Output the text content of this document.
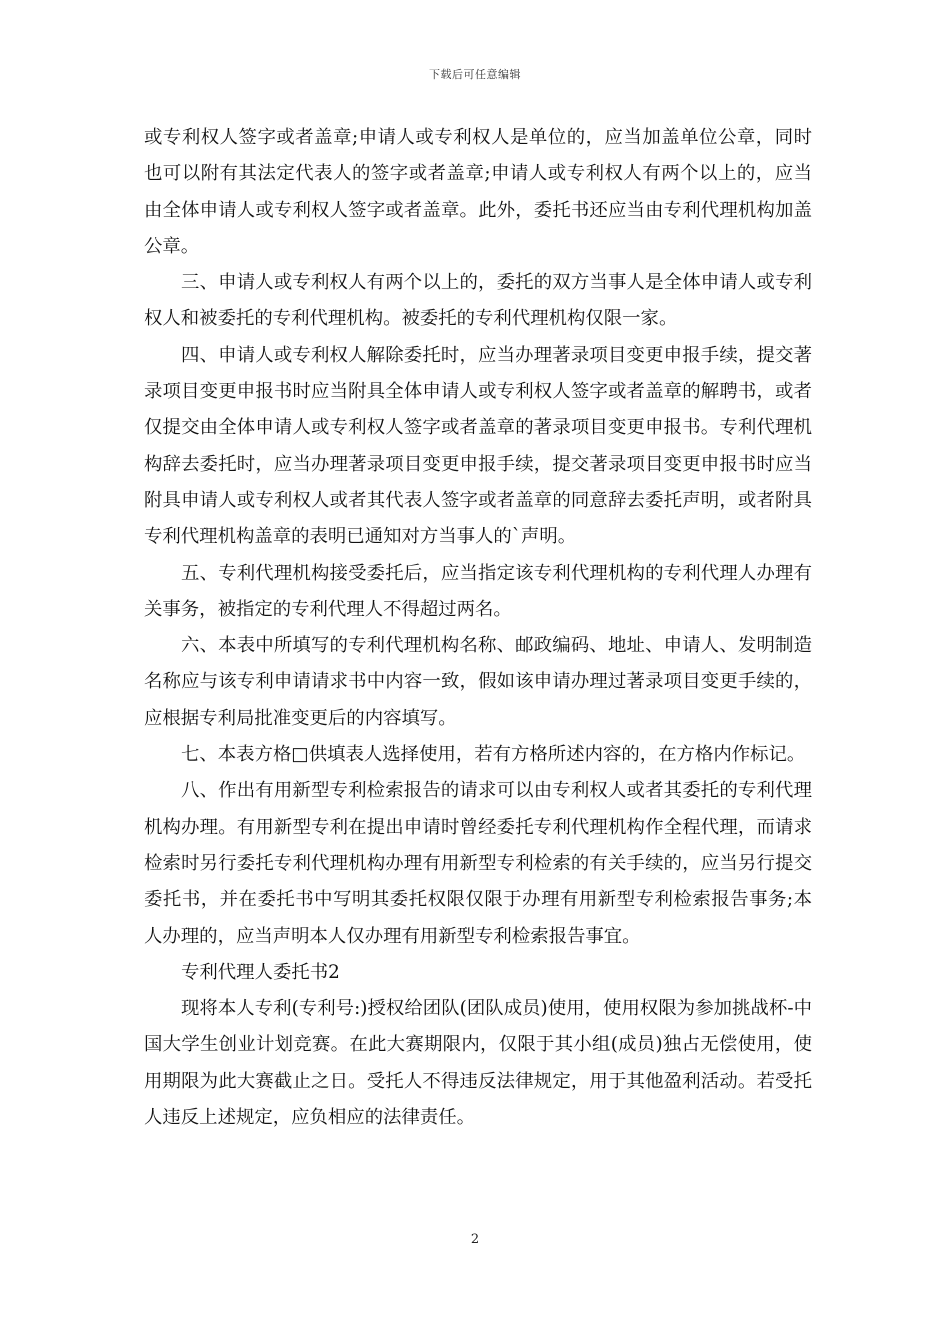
下载后可任意编辑

或专利权人签字或者盖章;申请人或专利权人是单位的，应当加盖单位公章，同时也可以附有其法定代表人的签字或者盖章;申请人或专利权人有两个以上的，应当由全体申请人或专利权人签字或者盖章。此外，委托书还应当由专利代理机构加盖公章。

三、申请人或专利权人有两个以上的，委托的双方当事人是全体申请人或专利权人和被委托的专利代理机构。被委托的专利代理机构仅限一家。

四、申请人或专利权人解除委托时，应当办理著录项目变更申报手续，提交著录项目变更申报书时应当附具全体申请人或专利权人签字或者盖章的解聘书，或者仅提交由全体申请人或专利权人签字或者盖章的著录项目变更申报书。专利代理机构辞去委托时，应当办理著录项目变更申报手续，提交著录项目变更申报书时应当附具申请人或专利权人或者其代表人签字或者盖章的同意辞去委托声明，或者附具专利代理机构盖章的表明已通知对方当事人的`声明。

五、专利代理机构接受委托后，应当指定该专利代理机构的专利代理人办理有关事务，被指定的专利代理人不得超过两名。

六、本表中所填写的专利代理机构名称、邮政编码、地址、申请人、发明制造名称应与该专利申请请求书中内容一致，假如该申请办理过著录项目变更手续的，应根据专利局批准变更后的内容填写。

七、本表方格□供填表人选择使用，若有方格所述内容的，在方格内作标记。

八、作出有用新型专利检索报告的请求可以由专利权人或者其委托的专利代理机构办理。有用新型专利在提出申请时曾经委托专利代理机构作全程代理，而请求检索时另行委托专利代理机构办理有用新型专利检索的有关手续的，应当另行提交委托书，并在委托书中写明其委托权限仅限于办理有用新型专利检索报告事务;本人办理的，应当声明本人仅办理有用新型专利检索报告事宜。

专利代理人委托书2

现将本人专利(专利号:)授权给团队(团队成员)使用，使用权限为参加挑战杯-中国大学生创业计划竞赛。在此大赛期限内，仅限于其小组(成员)独占无偿使用，使用期限为此大赛截止之日。受托人不得违反法律规定，用于其他盈利活动。若受托人违反上述规定，应负相应的法律责任。

2
